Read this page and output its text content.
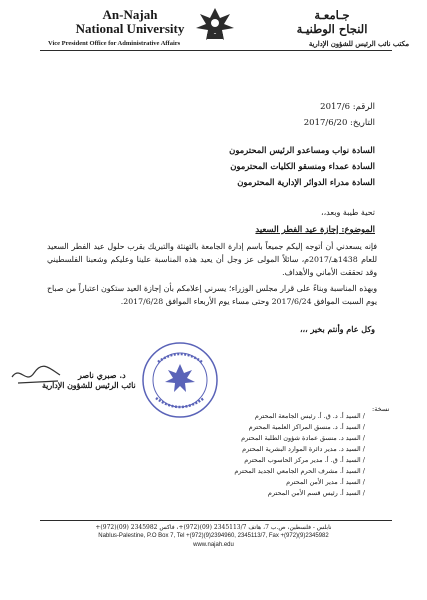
An-Najah
National University
Vice President Office for Administrative Affairs
جـامعـة
النجاح الوطنيـة
مكتب نائب الرئيس للشؤون الإدارية
الرقم: 2017/6
التاريخ: 2017/6/20
السادة نواب ومساعدو الرئيس المحترمون
السادة عمداء ومنسقو الكليات المحترمون
السادة مدراء الدوائر الإدارية المحترمون
تحية طيبة وبعد،،
الموضوع: إجازة عيد الفطر السعيد
فإنه يسعدني أن أتوجه إليكم جميعاً باسم إدارة الجامعة بالتهنئة والتبريك بقرب حلول عيد الفطر السعيد للعام 1438هـ/2017م، سائلاً المولى عز وجل أن يعيد هذه المناسبة علينا وعليكم وشعبنا الفلسطيني وقد تحققت الأماني والأهداف.
وبهذه المناسبة وبناءً على قرار مجلس الوزراء؛ يسرني إعلامكم بأن إجازة العيد ستكون اعتباراً من صباح يوم السبت الموافق 2017/6/24 وحتى مساء يوم الأربعاء الموافق 2017/6/28.
وكل عام وأنتم بخير ،،،
د. صبري ناصر
نائب الرئيس للشؤون الإدارية
نسخة:
/ السيد أ. د. ق. أ. رئيس الجامعة المحترم
/ السيد أ. د. منسق المراكز العلمية المحترم
/ السيد د. منسق عمادة شؤون الطلبة المحترم
/ السيد د. مدير دائرة الموارد البشرية المحترم
/ السيد أ. ق. أ. مدير مركز الحاسوب المحترم
/ السيد أ. مشرف الحرم الجامعي الجديد المحترم
/ السيد أ. مدير الأمن المحترم
/ السيد أ. رئيس قسم الأمن المحترم
نابلس - فلسطين، ص.ب 7، هاتف 2345113/7 (09)(972)+، فاكس 2345982 (09)(972)+
Nablus-Palestine, P.O Box 7, Tel +(972)(9)2394960, 2345113/7, Fax +(972)(9)2345982
www.najah.edu
